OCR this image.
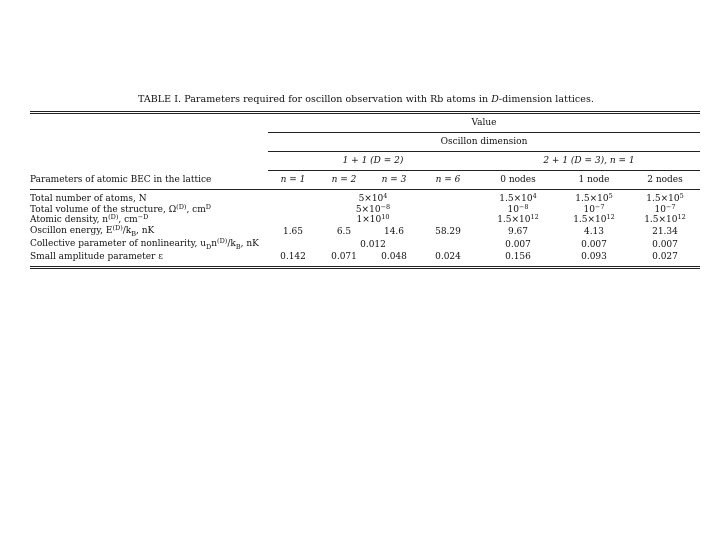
TABLE I. Parameters required for oscillon observation with Rb atoms in D-dimension lattices.
	Value						
	Oscillon dimension						
	1 + 1 (D = 2)				2 + 1 (D = 3), n = 1		
Parameters of atomic BEC in the lattice	n = 1	n = 2	n = 3	n = 6	0 nodes	1 node	2 nodes
Total number of atoms, N	$5\times 10^4$				$1.5\times 10^4$	$1.5\times 10^5$	$1.5\times 10^5$
Total volume of the structure, $\Omega^{(D)}$, $cm^D$	$5\times 10^{-8}$				$10^{-8}$	$10^{-7}$	$10^{-7}$
Atomic density, $n^{(D)}$, $cm^{-D}$	$1\times 10^{10}$				$1.5\times 10^{12}$	$1.5\times 10^{12}$	$1.5\times 10^{12}$
Oscillon energy, $E^{(D)}/k_B$, nK	1.65	6.5	14.6	58.29	9.67	4.13	21.34
Collective parameter of nonlinearity, $u_Dn^{(D)}/k_B$, nK	0.012				0.007	0.007	0.007
Small amplitude parameter ε	0.142	0.071	0.048	0.024	0.156	0.093	0.027
